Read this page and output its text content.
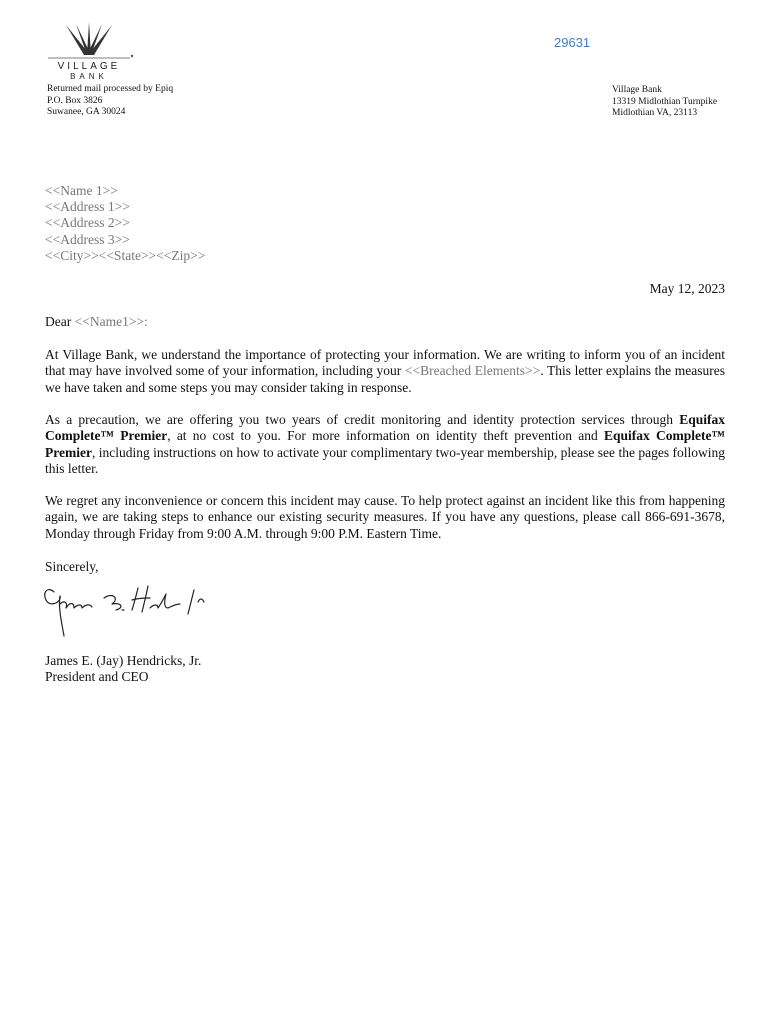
VILLAGE
BANK
29631
Returned mail processed by Epiq
P.O. Box 3826
Suwanee, GA 30024
Village Bank
13319 Midlothian Turnpike
Midlothian VA, 23113
<<Name 1>>
<<Address 1>>
<<Address 2>>
<<Address 3>>
<<City>><<State>><<Zip>>
May 12, 2023
Dear <<Name1>>:
At Village Bank, we understand the importance of protecting your information. We are writing to inform you of an incident that may have involved some of your information, including your <<Breached Elements>>. This letter explains the measures we have taken and some steps you may consider taking in response.
As a precaution, we are offering you two years of credit monitoring and identity protection services through Equifax Complete™ Premier, at no cost to you. For more information on identity theft prevention and Equifax Complete™ Premier, including instructions on how to activate your complimentary two-year membership, please see the pages following this letter.
We regret any inconvenience or concern this incident may cause. To help protect against an incident like this from happening again, we are taking steps to enhance our existing security measures. If you have any questions, please call 866-691-3678, Monday through Friday from 9:00 A.M. through 9:00 P.M. Eastern Time.
Sincerely,
James E. (Jay) Hendricks, Jr.
President and CEO
